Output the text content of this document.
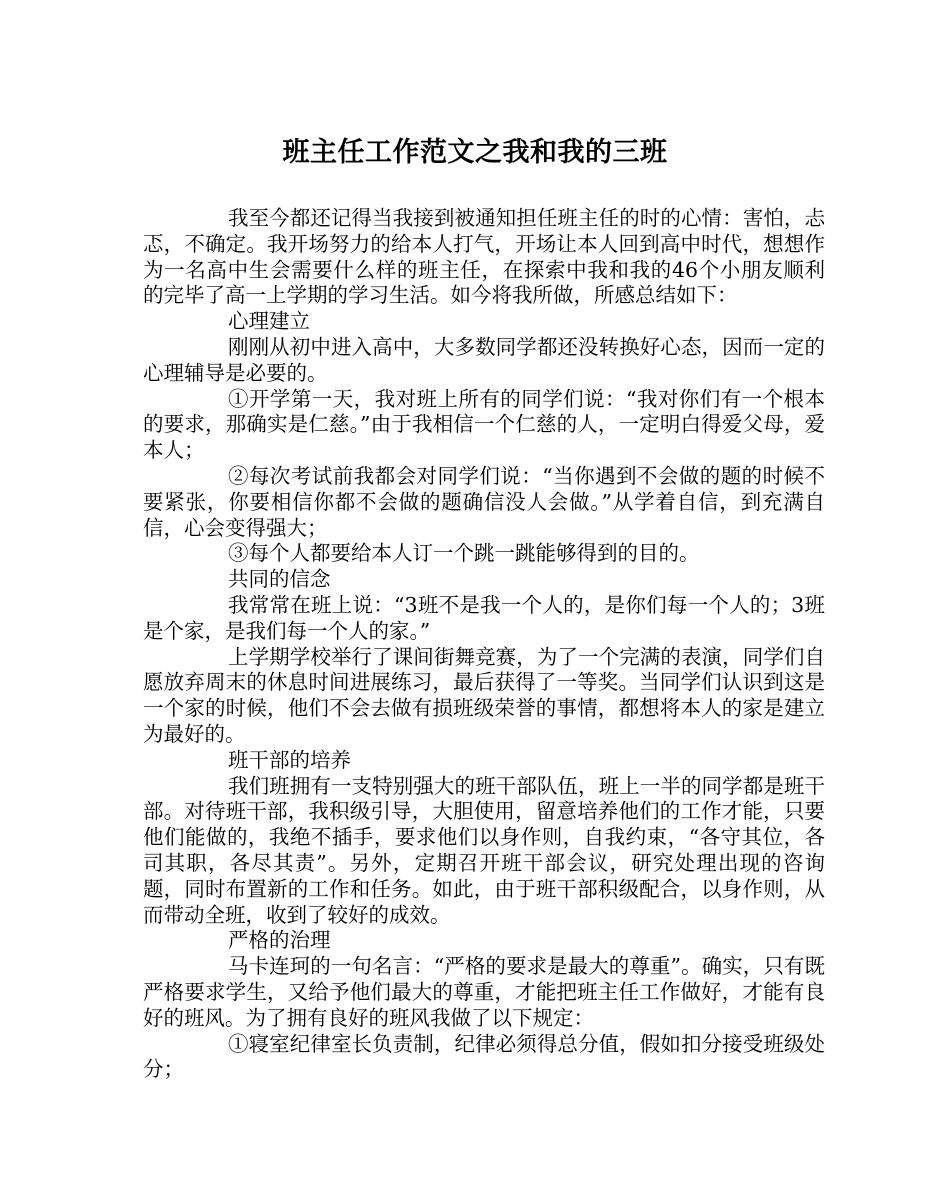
班主任工作范文之我和我的三班

我至今都还记得当我接到被通知担任班主任的时的心情：害怕，忐忑，不确定。我开场努力的给本人打气，开场让本人回到高中时代，想想作为一名高中生会需要什么样的班主任，在探索中我和我的46个小朋友顺利的完毕了高一上学期的学习生活。如今将我所做，所感总结如下：

心理建立

刚刚从初中进入高中，大多数同学都还没转换好心态，因而一定的心理辅导是必要的。

①开学第一天，我对班上所有的同学们说：“我对你们有一个根本的要求，那确实是仁慈。”由于我相信一个仁慈的人，一定明白得爱父母，爱本人；

②每次考试前我都会对同学们说：“当你遇到不会做的题的时候不要紧张，你要相信你都不会做的题确信没人会做。”从学着自信，到充满自信，心会变得强大；

③每个人都要给本人订一个跳一跳能够得到的目的。

共同的信念

我常常在班上说：“3班不是我一个人的，是你们每一个人的；3班是个家，是我们每一个人的家。”

上学期学校举行了课间街舞竞赛，为了一个完满的表演，同学们自愿放弃周末的休息时间进展练习，最后获得了一等奖。当同学们认识到这是一个家的时候，他们不会去做有损班级荣誉的事情，都想将本人的家是建立为最好的。

班干部的培养

我们班拥有一支特别强大的班干部队伍，班上一半的同学都是班干部。对待班干部，我积级引导，大胆使用，留意培养他们的工作才能，只要他们能做的，我绝不插手，要求他们以身作则，自我约束，“各守其位，各司其职，各尽其责”。另外，定期召开班干部会议，研究处理出现的咨询题，同时布置新的工作和任务。如此，由于班干部积级配合，以身作则，从而带动全班，收到了较好的成效。

严格的治理

马卡连珂的一句名言：“严格的要求是最大的尊重”。确实，只有既严格要求学生，又给予他们最大的尊重，才能把班主任工作做好，才能有良好的班风。为了拥有良好的班风我做了以下规定：

①寝室纪律室长负责制，纪律必须得总分值，假如扣分接受班级处分；
